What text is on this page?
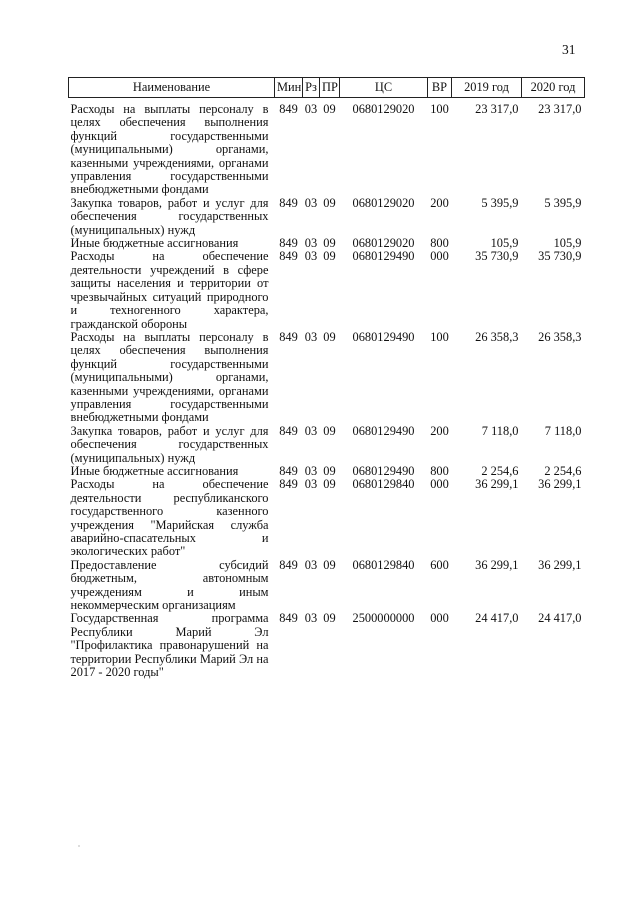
31
Наименование	Мин	Рз	ПР	ЦС	ВР	2019 год	2020 год
Расходы на выплаты персоналу в целях обеспечения выполнения функций государственными (муниципальными) органами, казенными учреждениями, органами управления государственными внебюджетными фондами	849	03	09	0680129020	100	23 317,0	23 317,0
Закупка товаров, работ и услуг для обеспечения государственных (муниципальных) нужд	849	03	09	0680129020	200	5 395,9	5 395,9
Иные бюджетные ассигнования	849	03	09	0680129020	800	105,9	105,9
Расходы на обеспечение деятельности учреждений в сфере защиты населения и территории от чрезвычайных ситуаций природного и техногенного характера, гражданской обороны	849	03	09	0680129490	000	35 730,9	35 730,9
Расходы на выплаты персоналу в целях обеспечения выполнения функций государственными (муниципальными) органами, казенными учреждениями, органами управления государственными внебюджетными фондами	849	03	09	0680129490	100	26 358,3	26 358,3
Закупка товаров, работ и услуг для обеспечения государственных (муниципальных) нужд	849	03	09	0680129490	200	7 118,0	7 118,0
Иные бюджетные ассигнования	849	03	09	0680129490	800	2 254,6	2 254,6
Расходы на обеспечение деятельности республиканского государственного казенного учреждения "Марийская служба аварийно-спасательных и экологических работ"	849	03	09	0680129840	000	36 299,1	36 299,1
Предоставление субсидий бюджетным, автономным учреждениям и иным некоммерческим организациям	849	03	09	0680129840	600	36 299,1	36 299,1
Государственная программа Республики Марий Эл "Профилактика правонарушений на территории Республики Марий Эл на 2017 - 2020 годы"	849	03	09	2500000000	000	24 417,0	24 417,0
